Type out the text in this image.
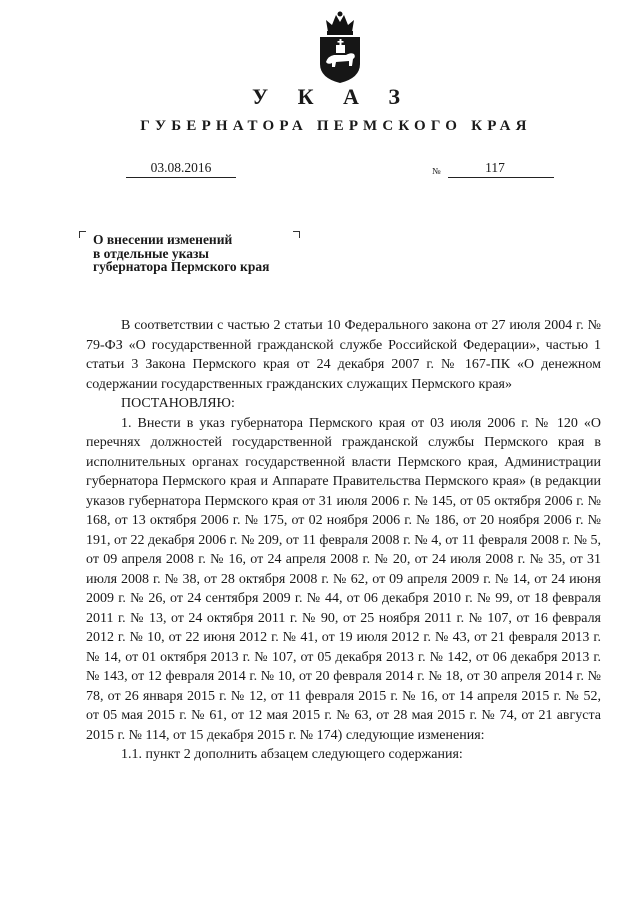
У К А З
ГУБЕРНАТОРА ПЕРМСКОГО КРАЯ
03.08.2016	№	117
О внесении изменений
в отдельные указы
губернатора Пермского края

В соответствии с частью 2 статьи 10 Федерального закона от 27 июля 2004 г. № 79-ФЗ «О государственной гражданской службе Российской Федерации», частью 1 статьи 3 Закона Пермского края от 24 декабря 2007 г. № 167-ПК «О денежном содержании государственных гражданских служащих Пермского края»

ПОСТАНОВЛЯЮ:

1. Внести в указ губернатора Пермского края от 03 июля 2006 г. № 120 «О перечнях должностей государственной гражданской службы Пермского края в исполнительных органах государственной власти Пермского края, Администрации губернатора Пермского края и Аппарате Правительства Пермского края» (в редакции указов губернатора Пермского края от 31 июля 2006 г. № 145, от 05 октября 2006 г. № 168, от 13 октября 2006 г. № 175, от 02 ноября 2006 г. № 186, от 20 ноября 2006 г. № 191, от 22 декабря 2006 г. № 209, от 11 февраля 2008 г. № 4, от 11 февраля 2008 г. № 5, от 09 апреля 2008 г. № 16, от 24 апреля 2008 г. № 20, от 24 июля 2008 г. № 35, от 31 июля 2008 г. № 38, от 28 октября 2008 г. № 62, от 09 апреля 2009 г. № 14, от 24 июня 2009 г. № 26, от 24 сентября 2009 г. № 44, от 06 декабря 2010 г. № 99, от 18 февраля 2011 г. № 13, от 24 октября 2011 г. № 90, от 25 ноября 2011 г. № 107, от 16 февраля 2012 г. № 10, от 22 июня 2012 г. № 41, от 19 июля 2012 г. № 43, от 21 февраля 2013 г. № 14, от 01 октября 2013 г. № 107, от 05 декабря 2013 г. № 142, от 06 декабря 2013 г. № 143, от 12 февраля 2014 г. № 10, от 20 февраля 2014 г. № 18, от 30 апреля 2014 г. № 78, от 26 января 2015 г. № 12, от 11 февраля 2015 г. № 16, от 14 апреля 2015 г. № 52, от 05 мая 2015 г. № 61, от 12 мая 2015 г. № 63, от 28 мая 2015 г. № 74, от 21 августа 2015 г. № 114, от 15 декабря 2015 г. № 174) следующие изменения:

1.1. пункт 2 дополнить абзацем следующего содержания:
